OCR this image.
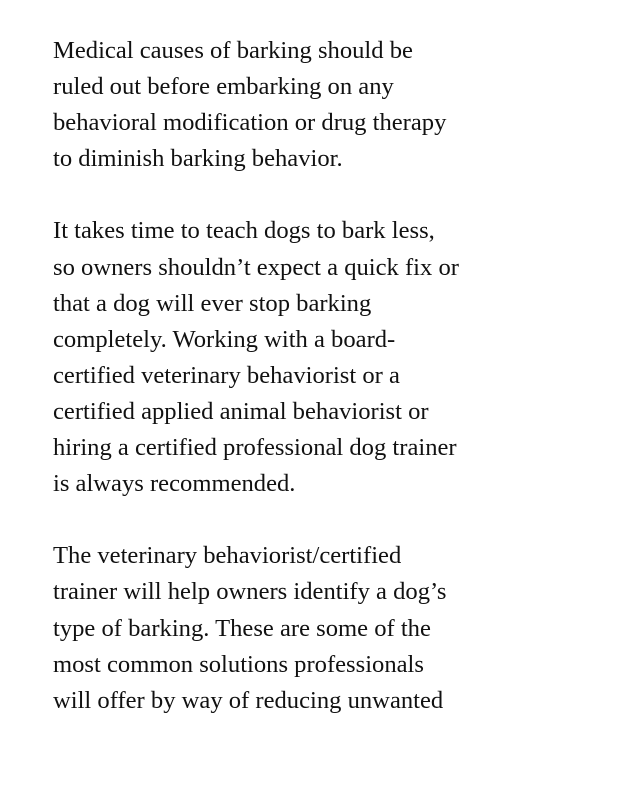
Medical causes of barking should be
ruled out before embarking on any
behavioral modification or drug therapy
to diminish barking behavior.

It takes time to teach dogs to bark less,
so owners shouldn’t expect a quick fix or
that a dog will ever stop barking
completely. Working with a board-
certified veterinary behaviorist or a
certified applied animal behaviorist or
hiring a certified professional dog trainer
is always recommended.

The veterinary behaviorist/certified
trainer will help owners identify a dog’s
type of barking. These are some of the
most common solutions professionals
will offer by way of reducing unwanted
